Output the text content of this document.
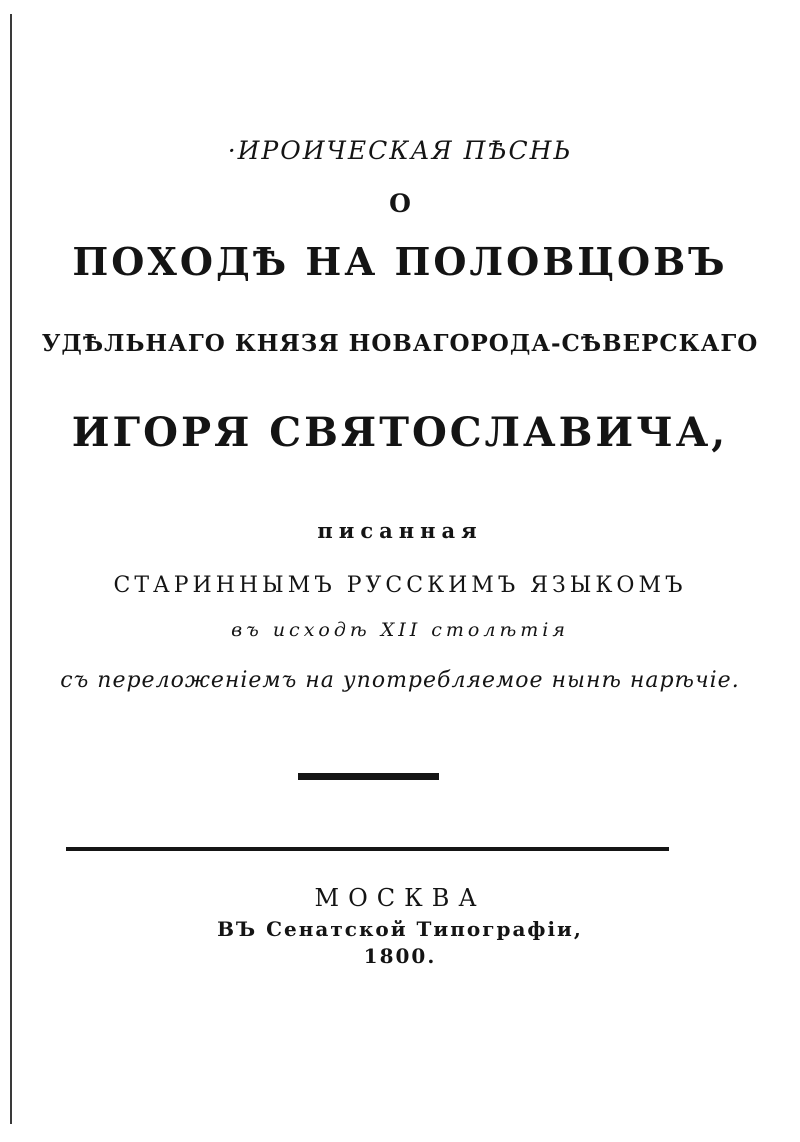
·ИРОИЧЕСКАЯ ПѢСНЬ
О
ПОХОДѢ НА ПОЛОВЦОВЪ
УДѢЛЬНАГО КНЯЗЯ НОВАГОРОДА-СѢВЕРСКАГО
ИГОРЯ СВЯТОСЛАВИЧА,
писанная
СТАРИННЫМЪ РУССКИМЪ ЯЗЫКОМЪ
въ исходѣ XII столѣтія
съ переложеніемъ на употребляемое нынѣ нарѣчіе.
МОСКВА
ВЪ Сенатской Типографіи,
1800.
